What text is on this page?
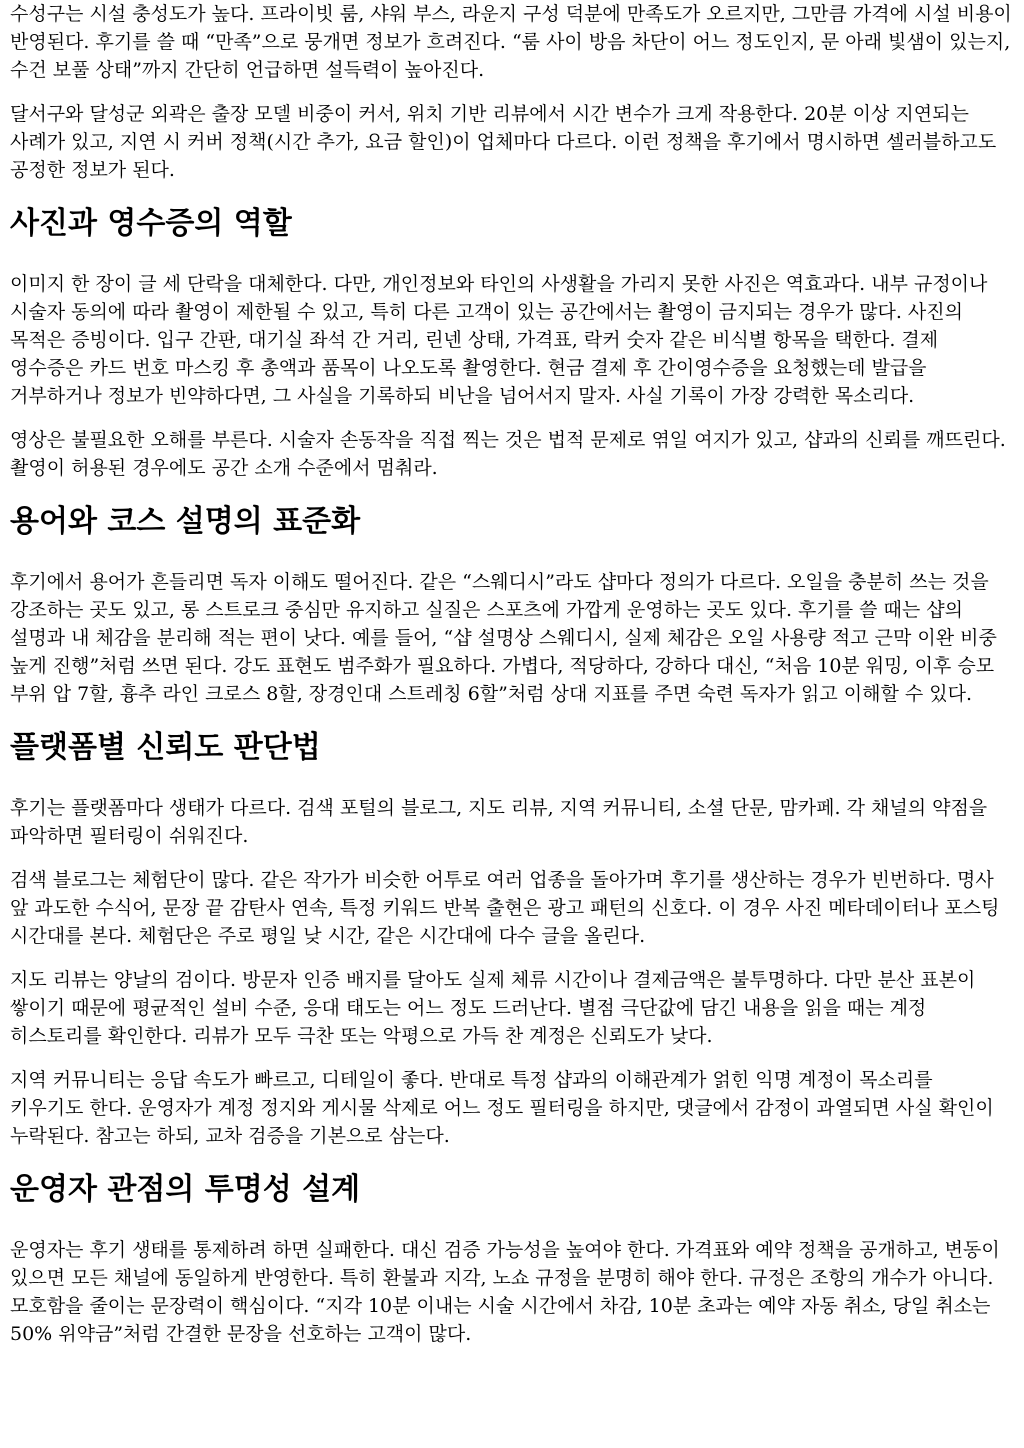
수성구는 시설 충성도가 높다. 프라이빗 룸, 샤워 부스, 라운지 구성 덕분에 만족도가 오르지만, 그만큼 가격에 시설 비용이 반영된다. 후기를 쓸 때 “만족”으로 뭉개면 정보가 흐려진다. “룸 사이 방음 차단이 어느 정도인지, 문 아래 빛샘이 있는지, 수건 보풀 상태”까지 간단히 언급하면 설득력이 높아진다.

달서구와 달성군 외곽은 출장 모델 비중이 커서, 위치 기반 리뷰에서 시간 변수가 크게 작용한다. 20분 이상 지연되는 사례가 있고, 지연 시 커버 정책(시간 추가, 요금 할인)이 업체마다 다르다. 이런 정책을 후기에서 명시하면 셀러블하고도 공정한 정보가 된다.

사진과 영수증의 역할

이미지 한 장이 글 세 단락을 대체한다. 다만, 개인정보와 타인의 사생활을 가리지 못한 사진은 역효과다. 내부 규정이나 시술자 동의에 따라 촬영이 제한될 수 있고, 특히 다른 고객이 있는 공간에서는 촬영이 금지되는 경우가 많다. 사진의 목적은 증빙이다. 입구 간판, 대기실 좌석 간 거리, 린넨 상태, 가격표, 락커 숫자 같은 비식별 항목을 택한다. 결제 영수증은 카드 번호 마스킹 후 총액과 품목이 나오도록 촬영한다. 현금 결제 후 간이영수증을 요청했는데 발급을 거부하거나 정보가 빈약하다면, 그 사실을 기록하되 비난을 넘어서지 말자. 사실 기록이 가장 강력한 목소리다.

영상은 불필요한 오해를 부른다. 시술자 손동작을 직접 찍는 것은 법적 문제로 엮일 여지가 있고, 샵과의 신뢰를 깨뜨린다. 촬영이 허용된 경우에도 공간 소개 수준에서 멈춰라.

용어와 코스 설명의 표준화

후기에서 용어가 흔들리면 독자 이해도 떨어진다. 같은 “스웨디시”라도 샵마다 정의가 다르다. 오일을 충분히 쓰는 것을 강조하는 곳도 있고, 롱 스트로크 중심만 유지하고 실질은 스포츠에 가깝게 운영하는 곳도 있다. 후기를 쓸 때는 샵의 설명과 내 체감을 분리해 적는 편이 낫다. 예를 들어, “샵 설명상 스웨디시, 실제 체감은 오일 사용량 적고 근막 이완 비중 높게 진행”처럼 쓰면 된다. 강도 표현도 범주화가 필요하다. 가볍다, 적당하다, 강하다 대신, “처음 10분 워밍, 이후 승모 부위 압 7할, 흉추 라인 크로스 8할, 장경인대 스트레칭 6할”처럼 상대 지표를 주면 숙련 독자가 읽고 이해할 수 있다.

플랫폼별 신뢰도 판단법

후기는 플랫폼마다 생태가 다르다. 검색 포털의 블로그, 지도 리뷰, 지역 커뮤니티, 소셜 단문, 맘카페. 각 채널의 약점을 파악하면 필터링이 쉬워진다.

검색 블로그는 체험단이 많다. 같은 작가가 비슷한 어투로 여러 업종을 돌아가며 후기를 생산하는 경우가 빈번하다. 명사 앞 과도한 수식어, 문장 끝 감탄사 연속, 특정 키워드 반복 출현은 광고 패턴의 신호다. 이 경우 사진 메타데이터나 포스팅 시간대를 본다. 체험단은 주로 평일 낮 시간, 같은 시간대에 다수 글을 올린다.

지도 리뷰는 양날의 검이다. 방문자 인증 배지를 달아도 실제 체류 시간이나 결제금액은 불투명하다. 다만 분산 표본이 쌓이기 때문에 평균적인 설비 수준, 응대 태도는 어느 정도 드러난다. 별점 극단값에 담긴 내용을 읽을 때는 계정 히스토리를 확인한다. 리뷰가 모두 극찬 또는 악평으로 가득 찬 계정은 신뢰도가 낮다.

지역 커뮤니티는 응답 속도가 빠르고, 디테일이 좋다. 반대로 특정 샵과의 이해관계가 얽힌 익명 계정이 목소리를 키우기도 한다. 운영자가 계정 정지와 게시물 삭제로 어느 정도 필터링을 하지만, 댓글에서 감정이 과열되면 사실 확인이 누락된다. 참고는 하되, 교차 검증을 기본으로 삼는다.

운영자 관점의 투명성 설계

운영자는 후기 생태를 통제하려 하면 실패한다. 대신 검증 가능성을 높여야 한다. 가격표와 예약 정책을 공개하고, 변동이 있으면 모든 채널에 동일하게 반영한다. 특히 환불과 지각, 노쇼 규정을 분명히 해야 한다. 규정은 조항의 개수가 아니다. 모호함을 줄이는 문장력이 핵심이다. “지각 10분 이내는 시술 시간에서 차감, 10분 초과는 예약 자동 취소, 당일 취소는 50% 위약금”처럼 간결한 문장을 선호하는 고객이 많다.
